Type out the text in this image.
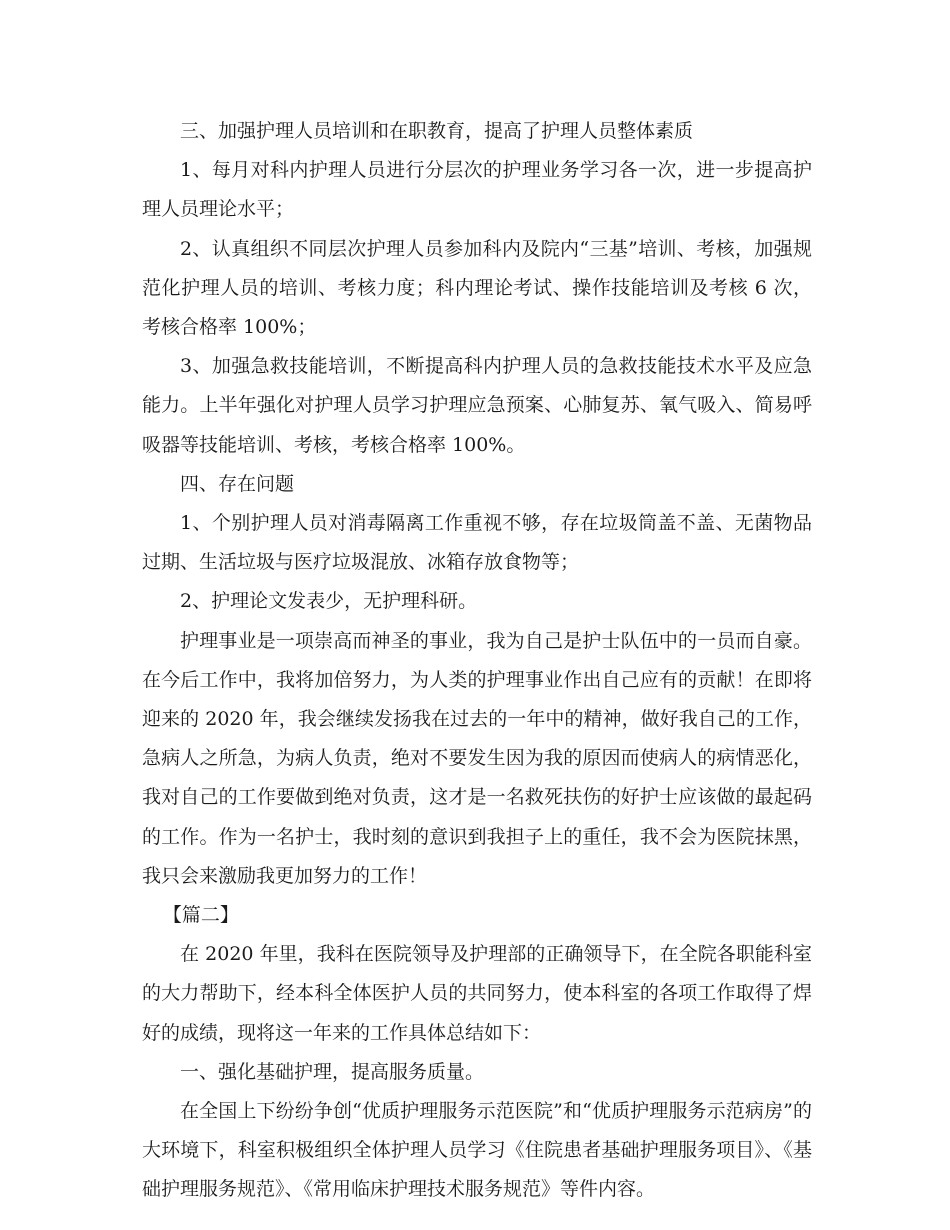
三、加强护理人员培训和在职教育，提高了护理人员整体素质

1、每月对科内护理人员进行分层次的护理业务学习各一次，进一步提高护理人员理论水平；

2、认真组织不同层次护理人员参加科内及院内“三基”培训、考核，加强规范化护理人员的培训、考核力度；科内理论考试、操作技能培训及考核 6 次，考核合格率 100%；

3、加强急救技能培训，不断提高科内护理人员的急救技能技术水平及应急能力。上半年强化对护理人员学习护理应急预案、心肺复苏、氧气吸入、简易呼吸器等技能培训、考核，考核合格率 100%。

四、存在问题

1、个别护理人员对消毒隔离工作重视不够，存在垃圾筒盖不盖、无菌物品过期、生活垃圾与医疗垃圾混放、冰箱存放食物等；

2、护理论文发表少，无护理科研。

护理事业是一项崇高而神圣的事业，我为自己是护士队伍中的一员而自豪。在今后工作中，我将加倍努力，为人类的护理事业作出自己应有的贡献！在即将迎来的 2020 年，我会继续发扬我在过去的一年中的精神，做好我自己的工作，急病人之所急，为病人负责，绝对不要发生因为我的原因而使病人的病情恶化，我对自己的工作要做到绝对负责，这才是一名救死扶伤的好护士应该做的最起码的工作。作为一名护士，我时刻的意识到我担子上的重任，我不会为医院抹黑，我只会来激励我更加努力的工作！

【篇二】

在 2020 年里，我科在医院领导及护理部的正确领导下，在全院各职能科室的大力帮助下，经本科全体医护人员的共同努力，使本科室的各项工作取得了焊好的成绩，现将这一年来的工作具体总结如下：

一、强化基础护理，提高服务质量。

在全国上下纷纷争创“优质护理服务示范医院”和“优质护理服务示范病房”的大环境下，科室积极组织全体护理人员学习《住院患者基础护理服务项目》、《基础护理服务规范》、《常用临床护理技术服务规范》等件内容。
